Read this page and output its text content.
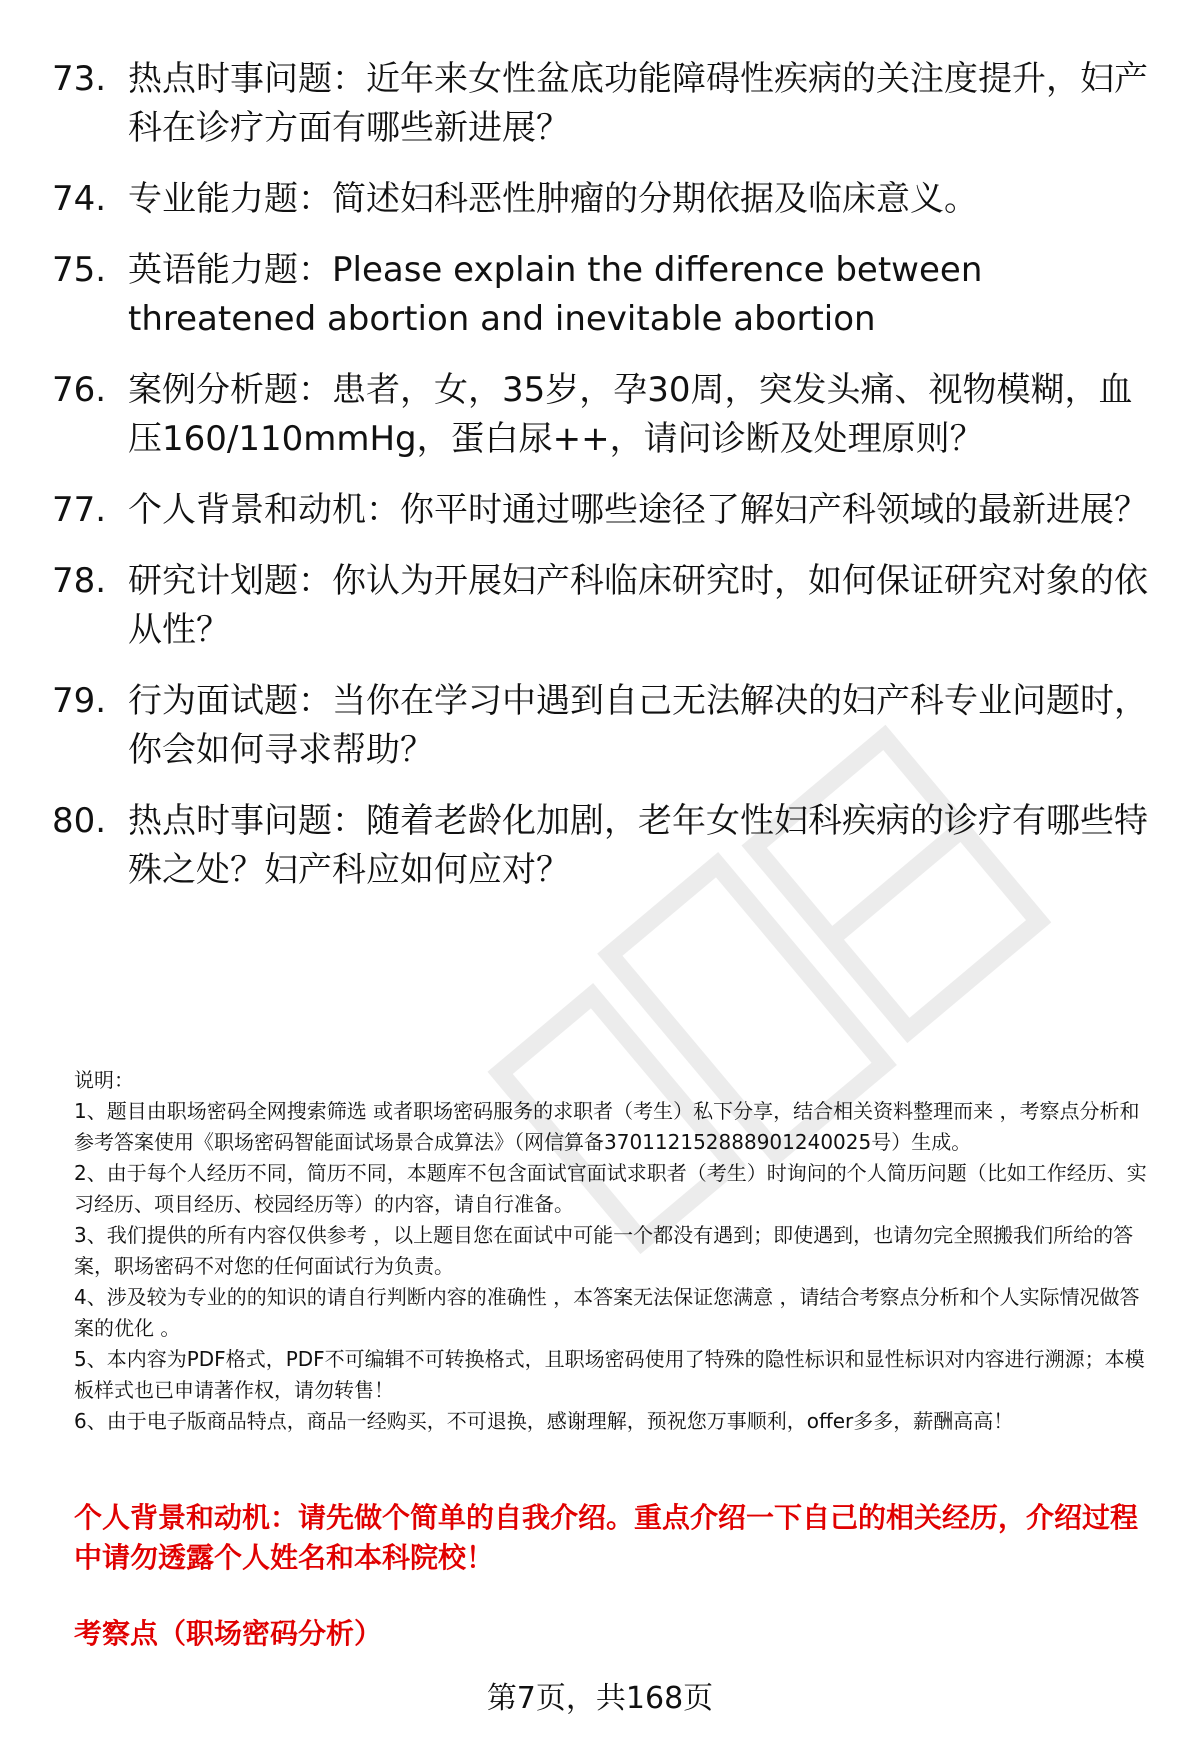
73. 热点时事问题：近年来女性盆底功能障碍性疾病的关注度提升，妇产科在诊疗方面有哪些新进展？
74. 专业能力题：简述妇科恶性肿瘤的分期依据及临床意义。
75. 英语能力题：Please explain the difference between threatened abortion and inevitable abortion
76. 案例分析题：患者，女，35岁，孕30周，突发头痛、视物模糊，血压160/110mmHg，蛋白尿++，请问诊断及处理原则？
77. 个人背景和动机：你平时通过哪些途径了解妇产科领域的最新进展？
78. 研究计划题：你认为开展妇产科临床研究时，如何保证研究对象的依从性？
79. 行为面试题：当你在学习中遇到自己无法解决的妇产科专业问题时，你会如何寻求帮助？
80. 热点时事问题：随着老龄化加剧，老年女性妇科疾病的诊疗有哪些特殊之处？妇产科应如何应对？

说明：

1、题目由职场密码全网搜索筛选 或者职场密码服务的求职者（考生）私下分享，结合相关资料整理而来 ，考察点分析和参考答案使用《职场密码智能面试场景合成算法》（网信算备370112152888901240025号）生成。

2、由于每个人经历不同，简历不同，本题库不包含面试官面试求职者（考生）时询问的个人简历问题（比如工作经历、实习经历、项目经历、校园经历等）的内容，请自行准备。

3、我们提供的所有内容仅供参考 ，以上题目您在面试中可能一个都没有遇到；即使遇到，也请勿完全照搬我们所给的答案，职场密码不对您的任何面试行为负责。

4、涉及较为专业的的知识的请自行判断内容的准确性 ，本答案无法保证您满意 ，请结合考察点分析和个人实际情况做答案的优化 。

5、本内容为PDF格式，PDF不可编辑不可转换格式，且职场密码使用了特殊的隐性标识和显性标识对内容进行溯源；本模板样式也已申请著作权，请勿转售！

6、由于电子版商品特点，商品一经购买，不可退换，感谢理解，预祝您万事顺利，offer多多，薪酬高高！

个人背景和动机：请先做个简单的自我介绍。重点介绍一下自己的相关经历，介绍过程中请勿透露个人姓名和本科院校！
考察点（职场密码分析）
第7页，共168页
